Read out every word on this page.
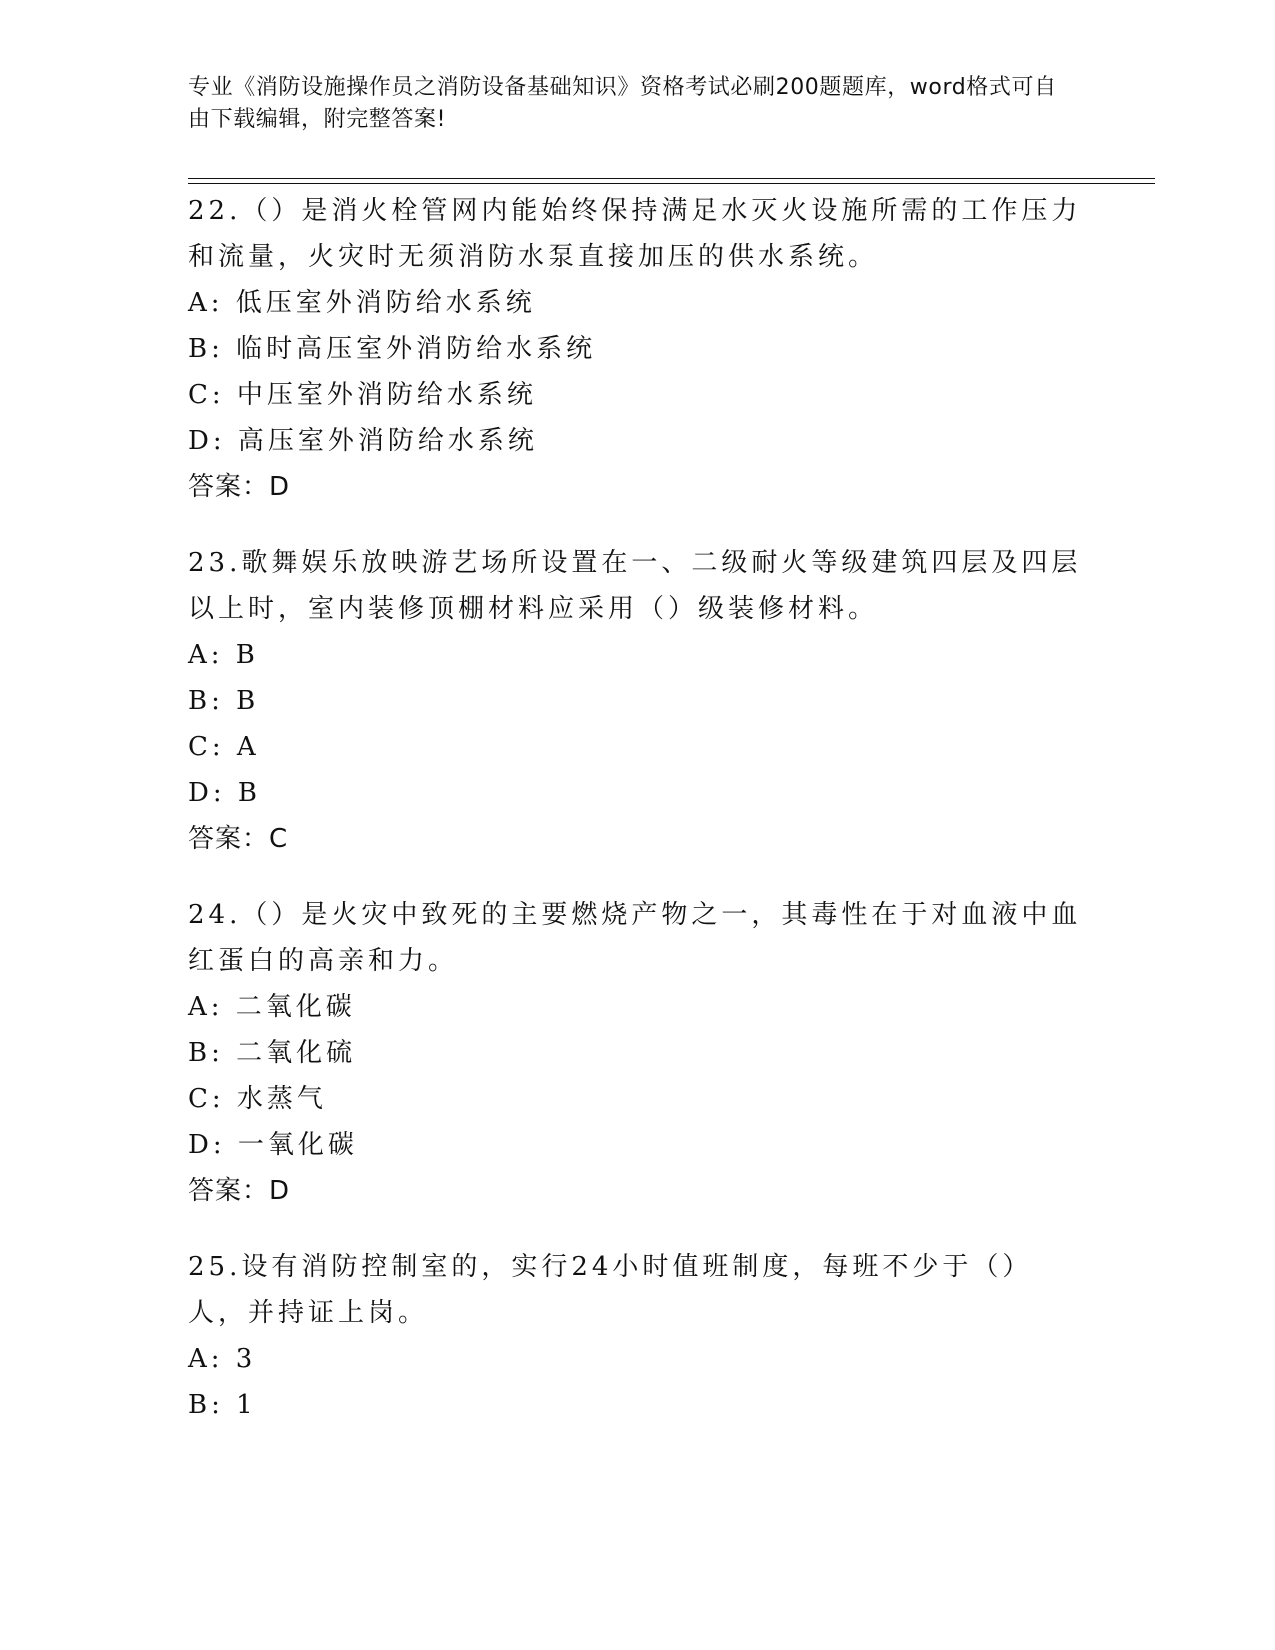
专业《消防设施操作员之消防设备基础知识》资格考试必刷200题题库，word格式可自由下载编辑，附完整答案!
22.（）是消火栓管网内能始终保持满足水灭火设施所需的工作压力和流量，火灾时无须消防水泵直接加压的供水系统。
A: 低压室外消防给水系统
B: 临时高压室外消防给水系统
C: 中压室外消防给水系统
D: 高压室外消防给水系统
答案：D
23.歌舞娱乐放映游艺场所设置在一、二级耐火等级建筑四层及四层以上时，室内装修顶棚材料应采用（）级装修材料。
A: B
B: B
C: A
D: B
答案：C
24.（）是火灾中致死的主要燃烧产物之一，其毒性在于对血液中血红蛋白的高亲和力。
A: 二氧化碳
B: 二氧化硫
C: 水蒸气
D: 一氧化碳
答案：D
25.设有消防控制室的，实行24小时值班制度，每班不少于（）人，并持证上岗。
A: 3
B: 1
